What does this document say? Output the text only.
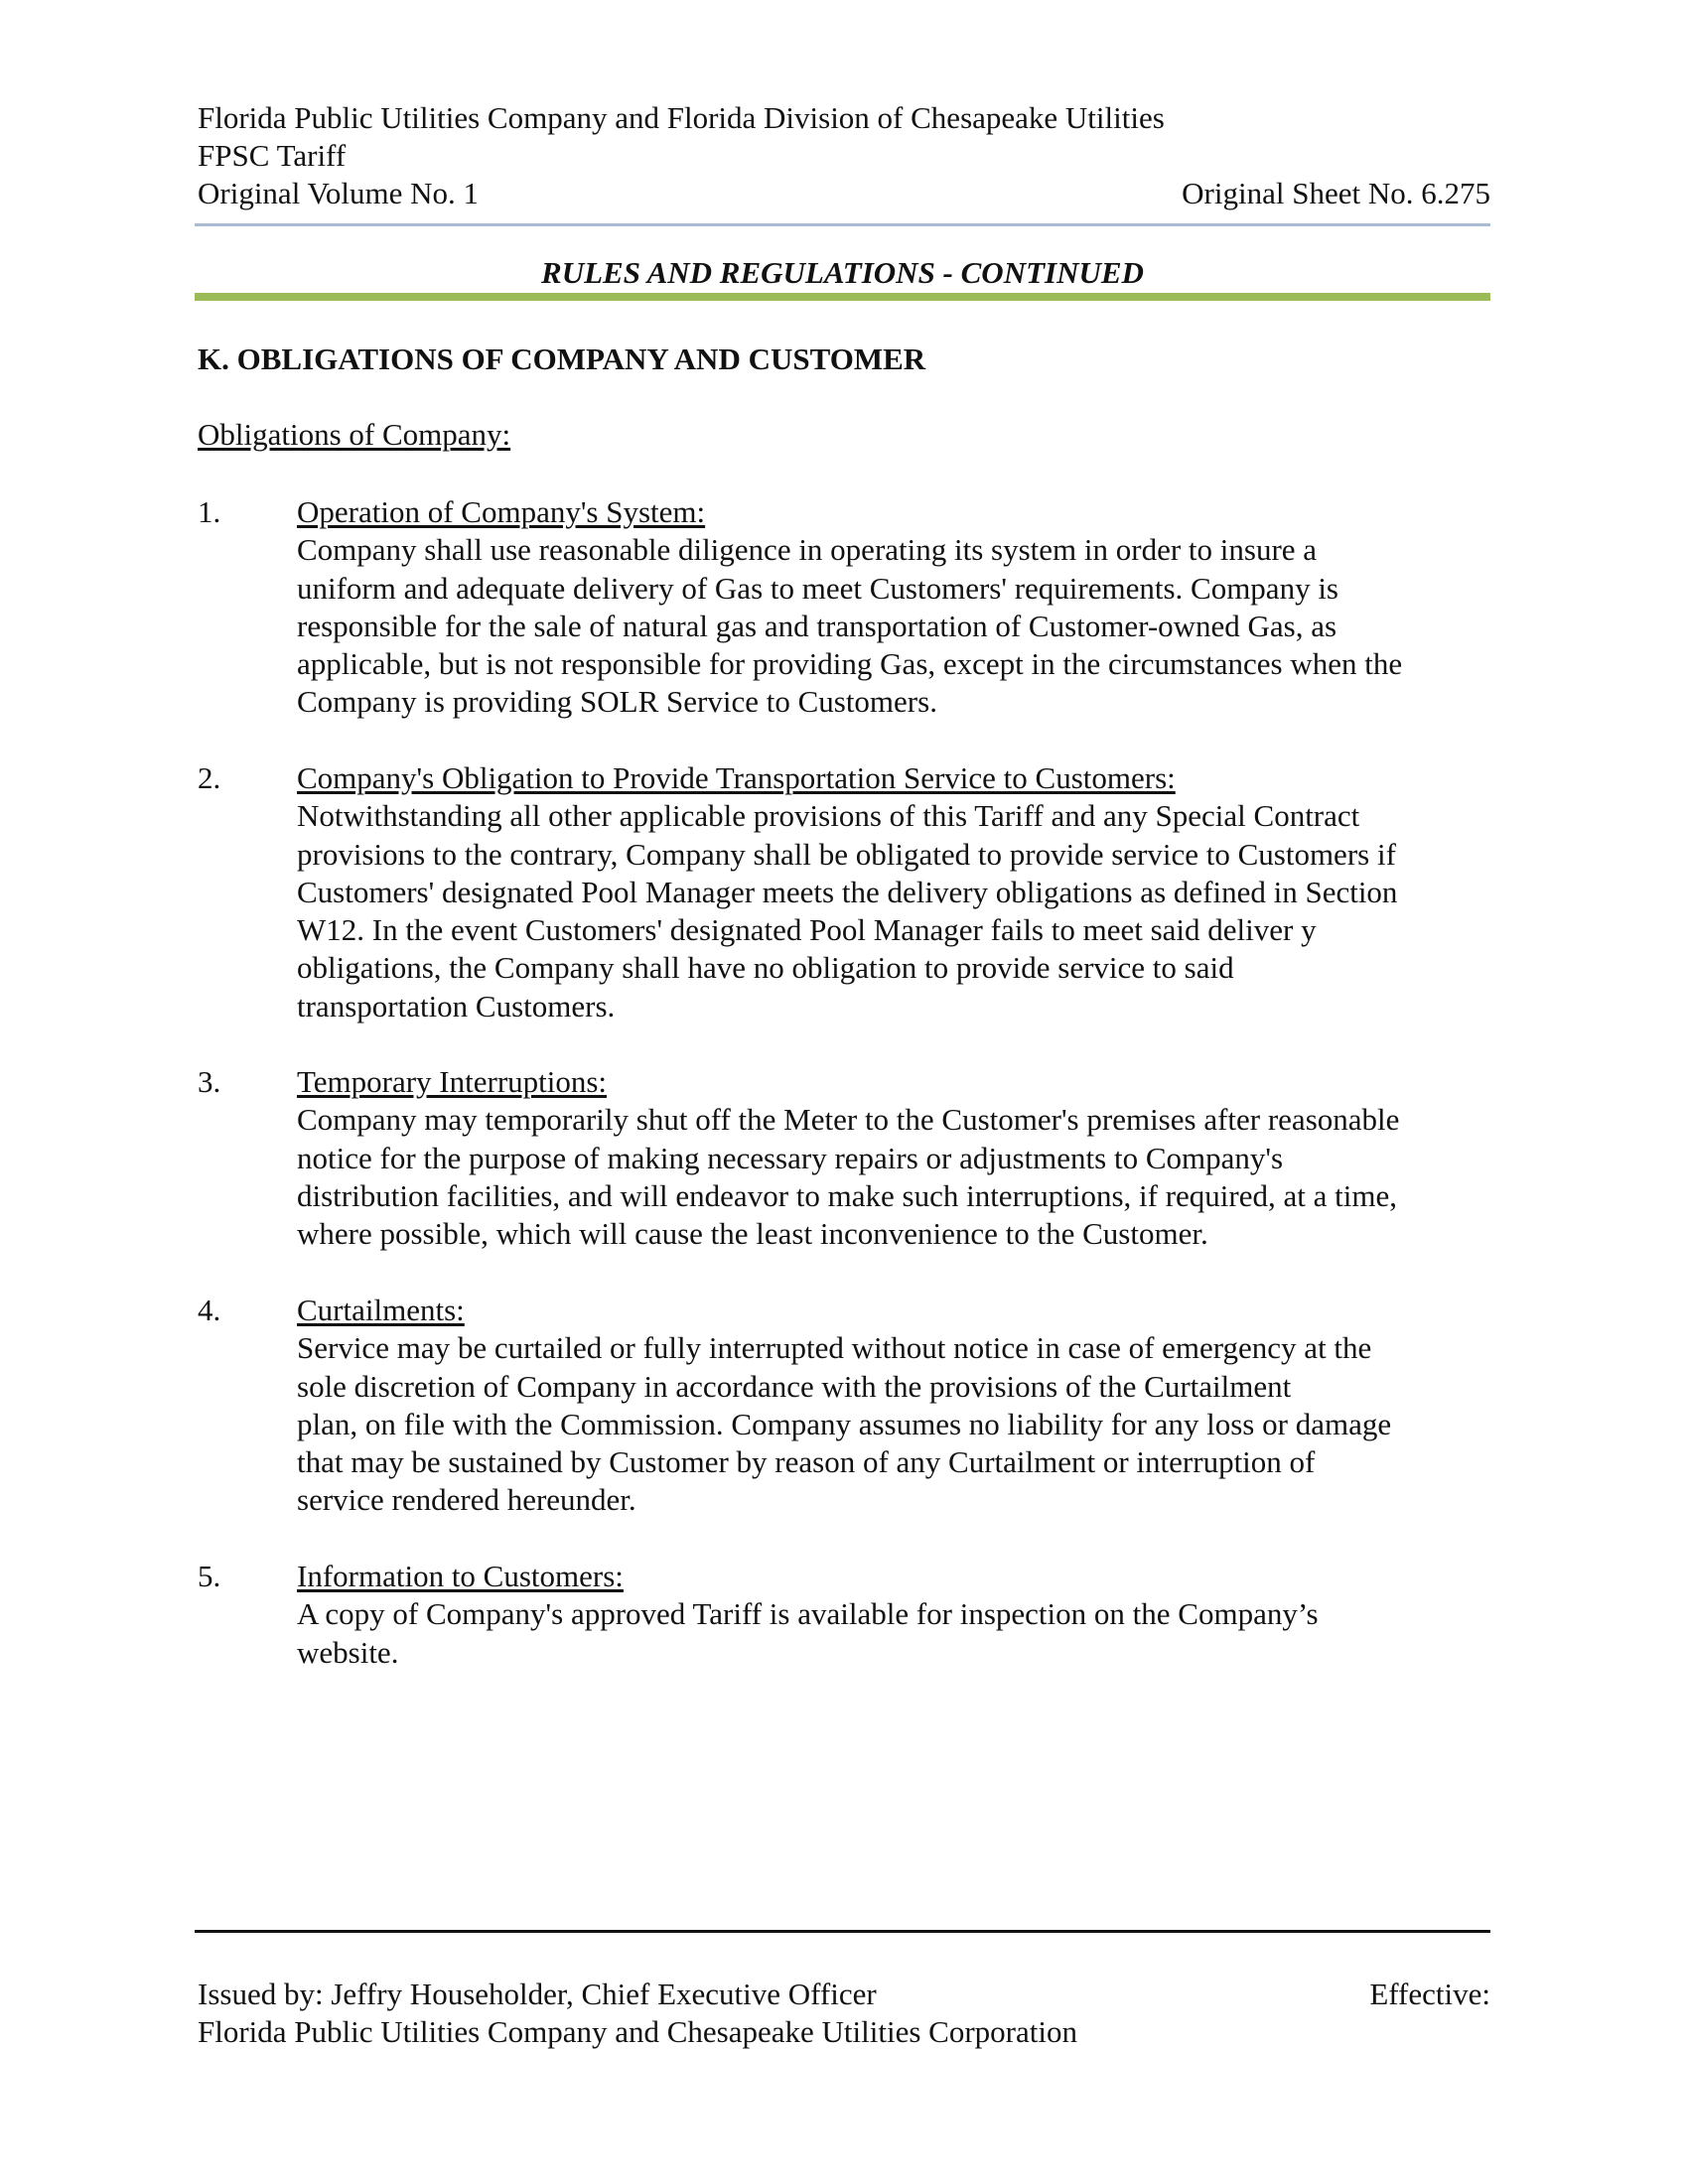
Florida Public Utilities Company and Florida Division of Chesapeake Utilities
FPSC Tariff
Original Volume No. 1	Original Sheet No. 6.275
RULES AND REGULATIONS - CONTINUED
K. OBLIGATIONS OF COMPANY AND CUSTOMER
Obligations of Company:
1. Operation of Company's System:
Company shall use reasonable diligence in operating its system in order to insure a
uniform and adequate delivery of Gas to meet Customers' requirements. Company is
responsible for the sale of natural gas and transportation of Customer-owned Gas, as
applicable, but is not responsible for providing Gas, except in the circumstances when the
Company is providing SOLR Service to Customers.
2. Company's Obligation to Provide Transportation Service to Customers:
Notwithstanding all other applicable provisions of this Tariff and any Special Contract
provisions to the contrary, Company shall be obligated to provide service to Customers if
Customers' designated Pool Manager meets the delivery obligations as defined in Section
W12. In the event Customers' designated Pool Manager fails to meet said deliver y
obligations, the Company shall have no obligation to provide service to said
transportation Customers.
3. Temporary Interruptions:
Company may temporarily shut off the Meter to the Customer's premises after reasonable
notice for the purpose of making necessary repairs or adjustments to Company's
distribution facilities, and will endeavor to make such interruptions, if required, at a time,
where possible, which will cause the least inconvenience to the Customer.
4. Curtailments:
Service may be curtailed or fully interrupted without notice in case of emergency at the
sole discretion of Company in accordance with the provisions of the Curtailment
plan, on file with the Commission. Company assumes no liability for any loss or damage
that may be sustained by Customer by reason of any Curtailment or interruption of
service rendered hereunder.
5. Information to Customers:
A copy of Company's approved Tariff is available for inspection on the Company’s
website.
Issued by: Jeffry Householder, Chief Executive Officer	Effective:
Florida Public Utilities Company and Chesapeake Utilities Corporation
